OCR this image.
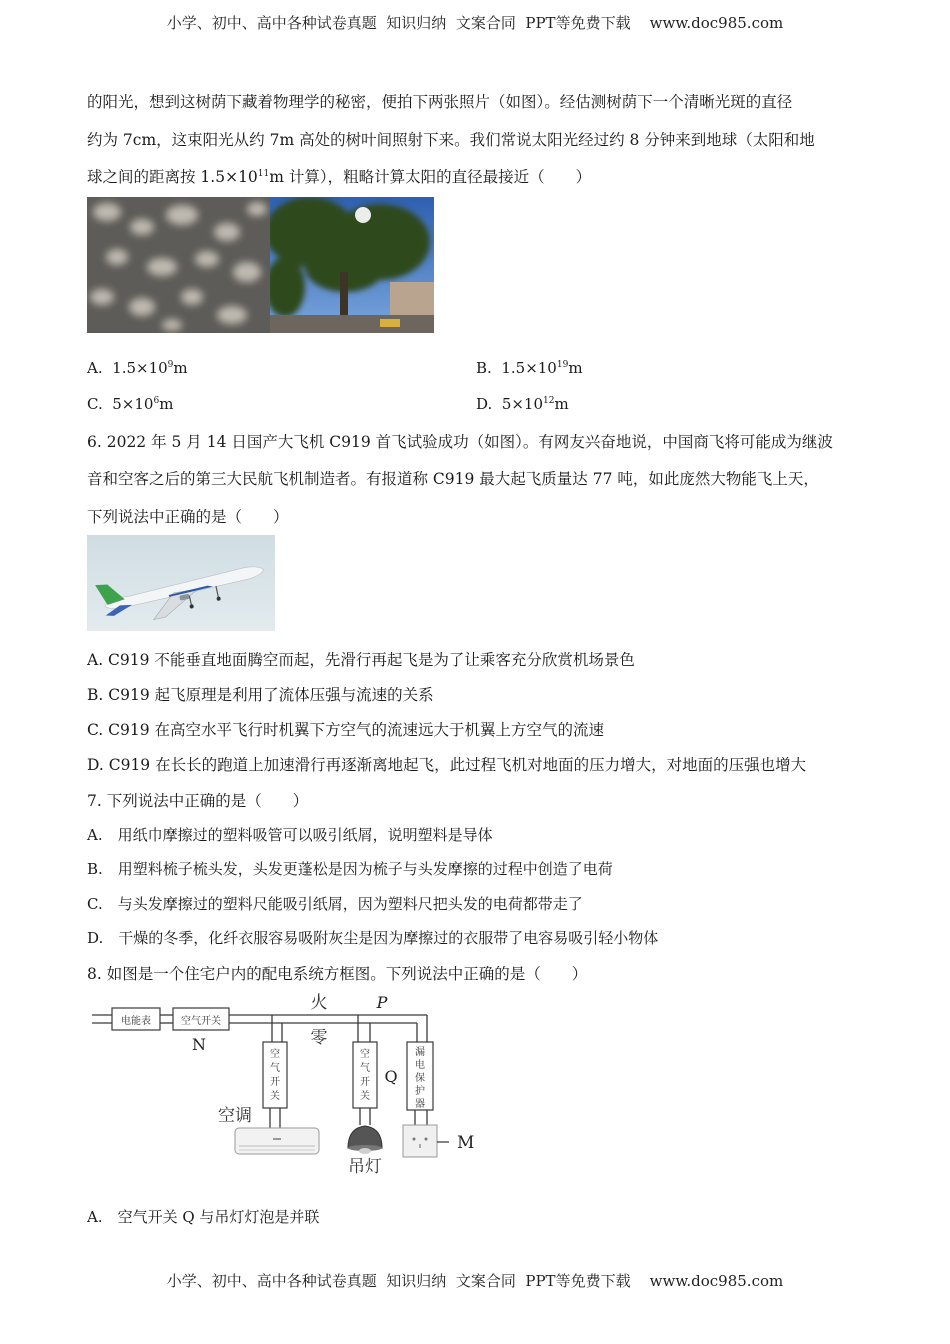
小学、初中、高中各种试卷真题  知识归纳  文案合同  PPT等免费下载    www.doc985.com
的阳光，想到这树荫下藏着物理学的秘密，便拍下两张照片（如图）。经估测树荫下一个清晰光斑的直径
约为 7cm，这束阳光从约 7m 高处的树叶间照射下来。我们常说太阳光经过约 8 分钟来到地球（太阳和地
球之间的距离按 $1.5\times 10^{11}m$ 计算），粗略计算太阳的直径最接近（　　）
A. $1.5\times 10^9m$	B. $1.5\times 10^{19}m$
C. $5\times 10^6m$	D. $5\times 10^{12}m$
6. 2022 年 5 月 14 日国产大飞机 C919 首飞试验成功（如图）。有网友兴奋地说，中国商飞将可能成为继波
音和空客之后的第三大民航飞机制造者。有报道称 C919 最大起飞质量达 77 吨，如此庞然大物能飞上天，
下列说法中正确的是（　　）
A. C919 不能垂直地面腾空而起，先滑行再起飞是为了让乘客充分欣赏机场景色
B. C919 起飞原理是利用了流体压强与流速的关系
C. C919 在高空水平飞行时机翼下方空气的流速远大于机翼上方空气的流速
D. C919 在长长的跑道上加速滑行再逐渐离地起飞，此过程飞机对地面的压力增大，对地面的压强也增大
7. 下列说法中正确的是（　　）
A.　用纸巾摩擦过的塑料吸管可以吸引纸屑，说明塑料是导体
B.　用塑料梳子梳头发，头发更蓬松是因为梳子与头发摩擦的过程中创造了电荷
C.　与头发摩擦过的塑料尺能吸引纸屑，因为塑料尺把头发的电荷都带走了
D.　干燥的冬季，化纤衣服容易吸附灰尘是因为摩擦过的衣服带了电容易吸引轻小物体
8. 如图是一个住宅户内的配电系统方框图。下列说法中正确的是（　　）
电能表	空气开关
火
零
P
N
Q
空
气
开
关
空
气
开
关
漏
电
保
护
器
空调
吊灯
M
A.　空气开关 Q 与吊灯灯泡是并联
小学、初中、高中各种试卷真题  知识归纳  文案合同  PPT等免费下载    www.doc985.com
